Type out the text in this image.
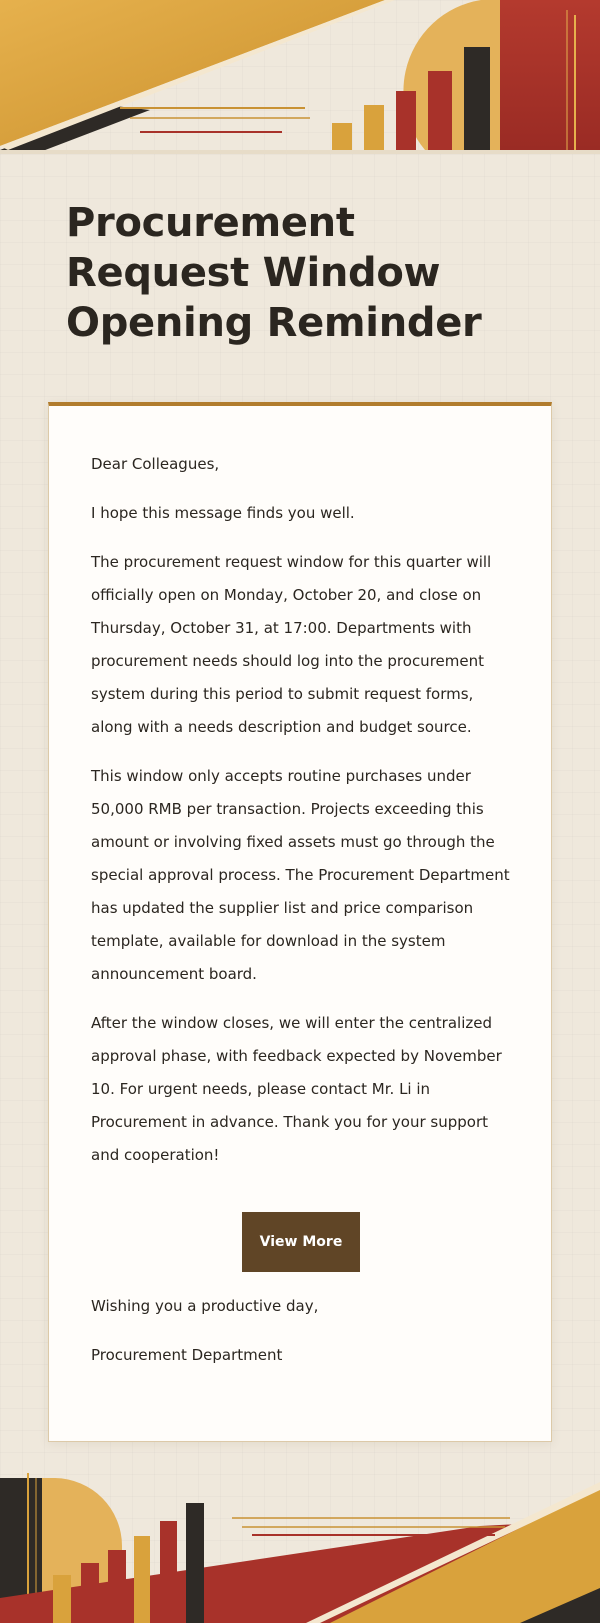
Procurement Request Window Opening Reminder

Dear Colleagues,

I hope this message finds you well.

The procurement request window for this quarter will officially open on Monday, October 20, and close on Thursday, October 31, at 17:00. Departments with procurement needs should log into the procurement system during this period to submit request forms, along with a needs description and budget source.

This window only accepts routine purchases under 50,000 RMB per transaction. Projects exceeding this amount or involving fixed assets must go through the special approval process. The Procurement Department has updated the supplier list and price comparison template, available for download in the system announcement board.

After the window closes, we will enter the centralized approval phase, with feedback expected by November 10. For urgent needs, please contact Mr. Li in Procurement in advance. Thank you for your support and cooperation!

View More

Wishing you a productive day,

Procurement Department
